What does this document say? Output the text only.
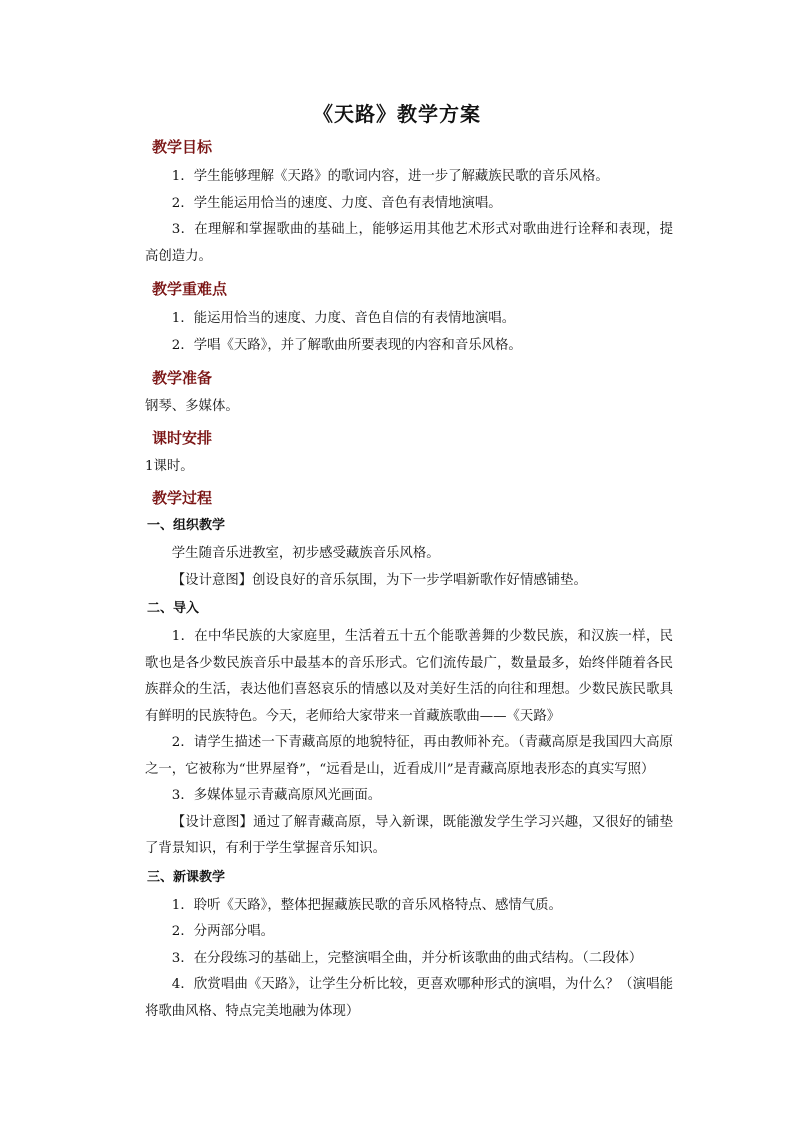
《天路》教学方案
教学目标

1．学生能够理解《天路》的歌词内容，进一步了解藏族民歌的音乐风格。

2．学生能运用恰当的速度、力度、音色有表情地演唱。

3．在理解和掌握歌曲的基础上，能够运用其他艺术形式对歌曲进行诠释和表现，提高创造力。

教学重难点

1．能运用恰当的速度、力度、音色自信的有表情地演唱。

2．学唱《天路》，并了解歌曲所要表现的内容和音乐风格。

教学准备

钢琴、多媒体。

课时安排

1课时。

教学过程
一、组织教学

学生随音乐进教室，初步感受藏族音乐风格。

【设计意图】创设良好的音乐氛围，为下一步学唱新歌作好情感铺垫。

二、导入

1．在中华民族的大家庭里，生活着五十五个能歌善舞的少数民族，和汉族一样，民歌也是各少数民族音乐中最基本的音乐形式。它们流传最广，数量最多，始终伴随着各民族群众的生活，表达他们喜怒哀乐的情感以及对美好生活的向往和理想。少数民族民歌具有鲜明的民族特色。今天，老师给大家带来一首藏族歌曲——《天路》

2．请学生描述一下青藏高原的地貌特征，再由教师补充。（青藏高原是我国四大高原之一，它被称为“世界屋脊”，“远看是山，近看成川”是青藏高原地表形态的真实写照）

3．多媒体显示青藏高原风光画面。

【设计意图】通过了解青藏高原，导入新课，既能激发学生学习兴趣，又很好的铺垫了背景知识，有利于学生掌握音乐知识。

三、新课教学

1．聆听《天路》，整体把握藏族民歌的音乐风格特点、感情气质。

2．分两部分唱。

3．在分段练习的基础上，完整演唱全曲，并分析该歌曲的曲式结构。（二段体）

4．欣赏唱曲《天路》，让学生分析比较，更喜欢哪种形式的演唱，为什么？（演唱能将歌曲风格、特点完美地融为体现）
